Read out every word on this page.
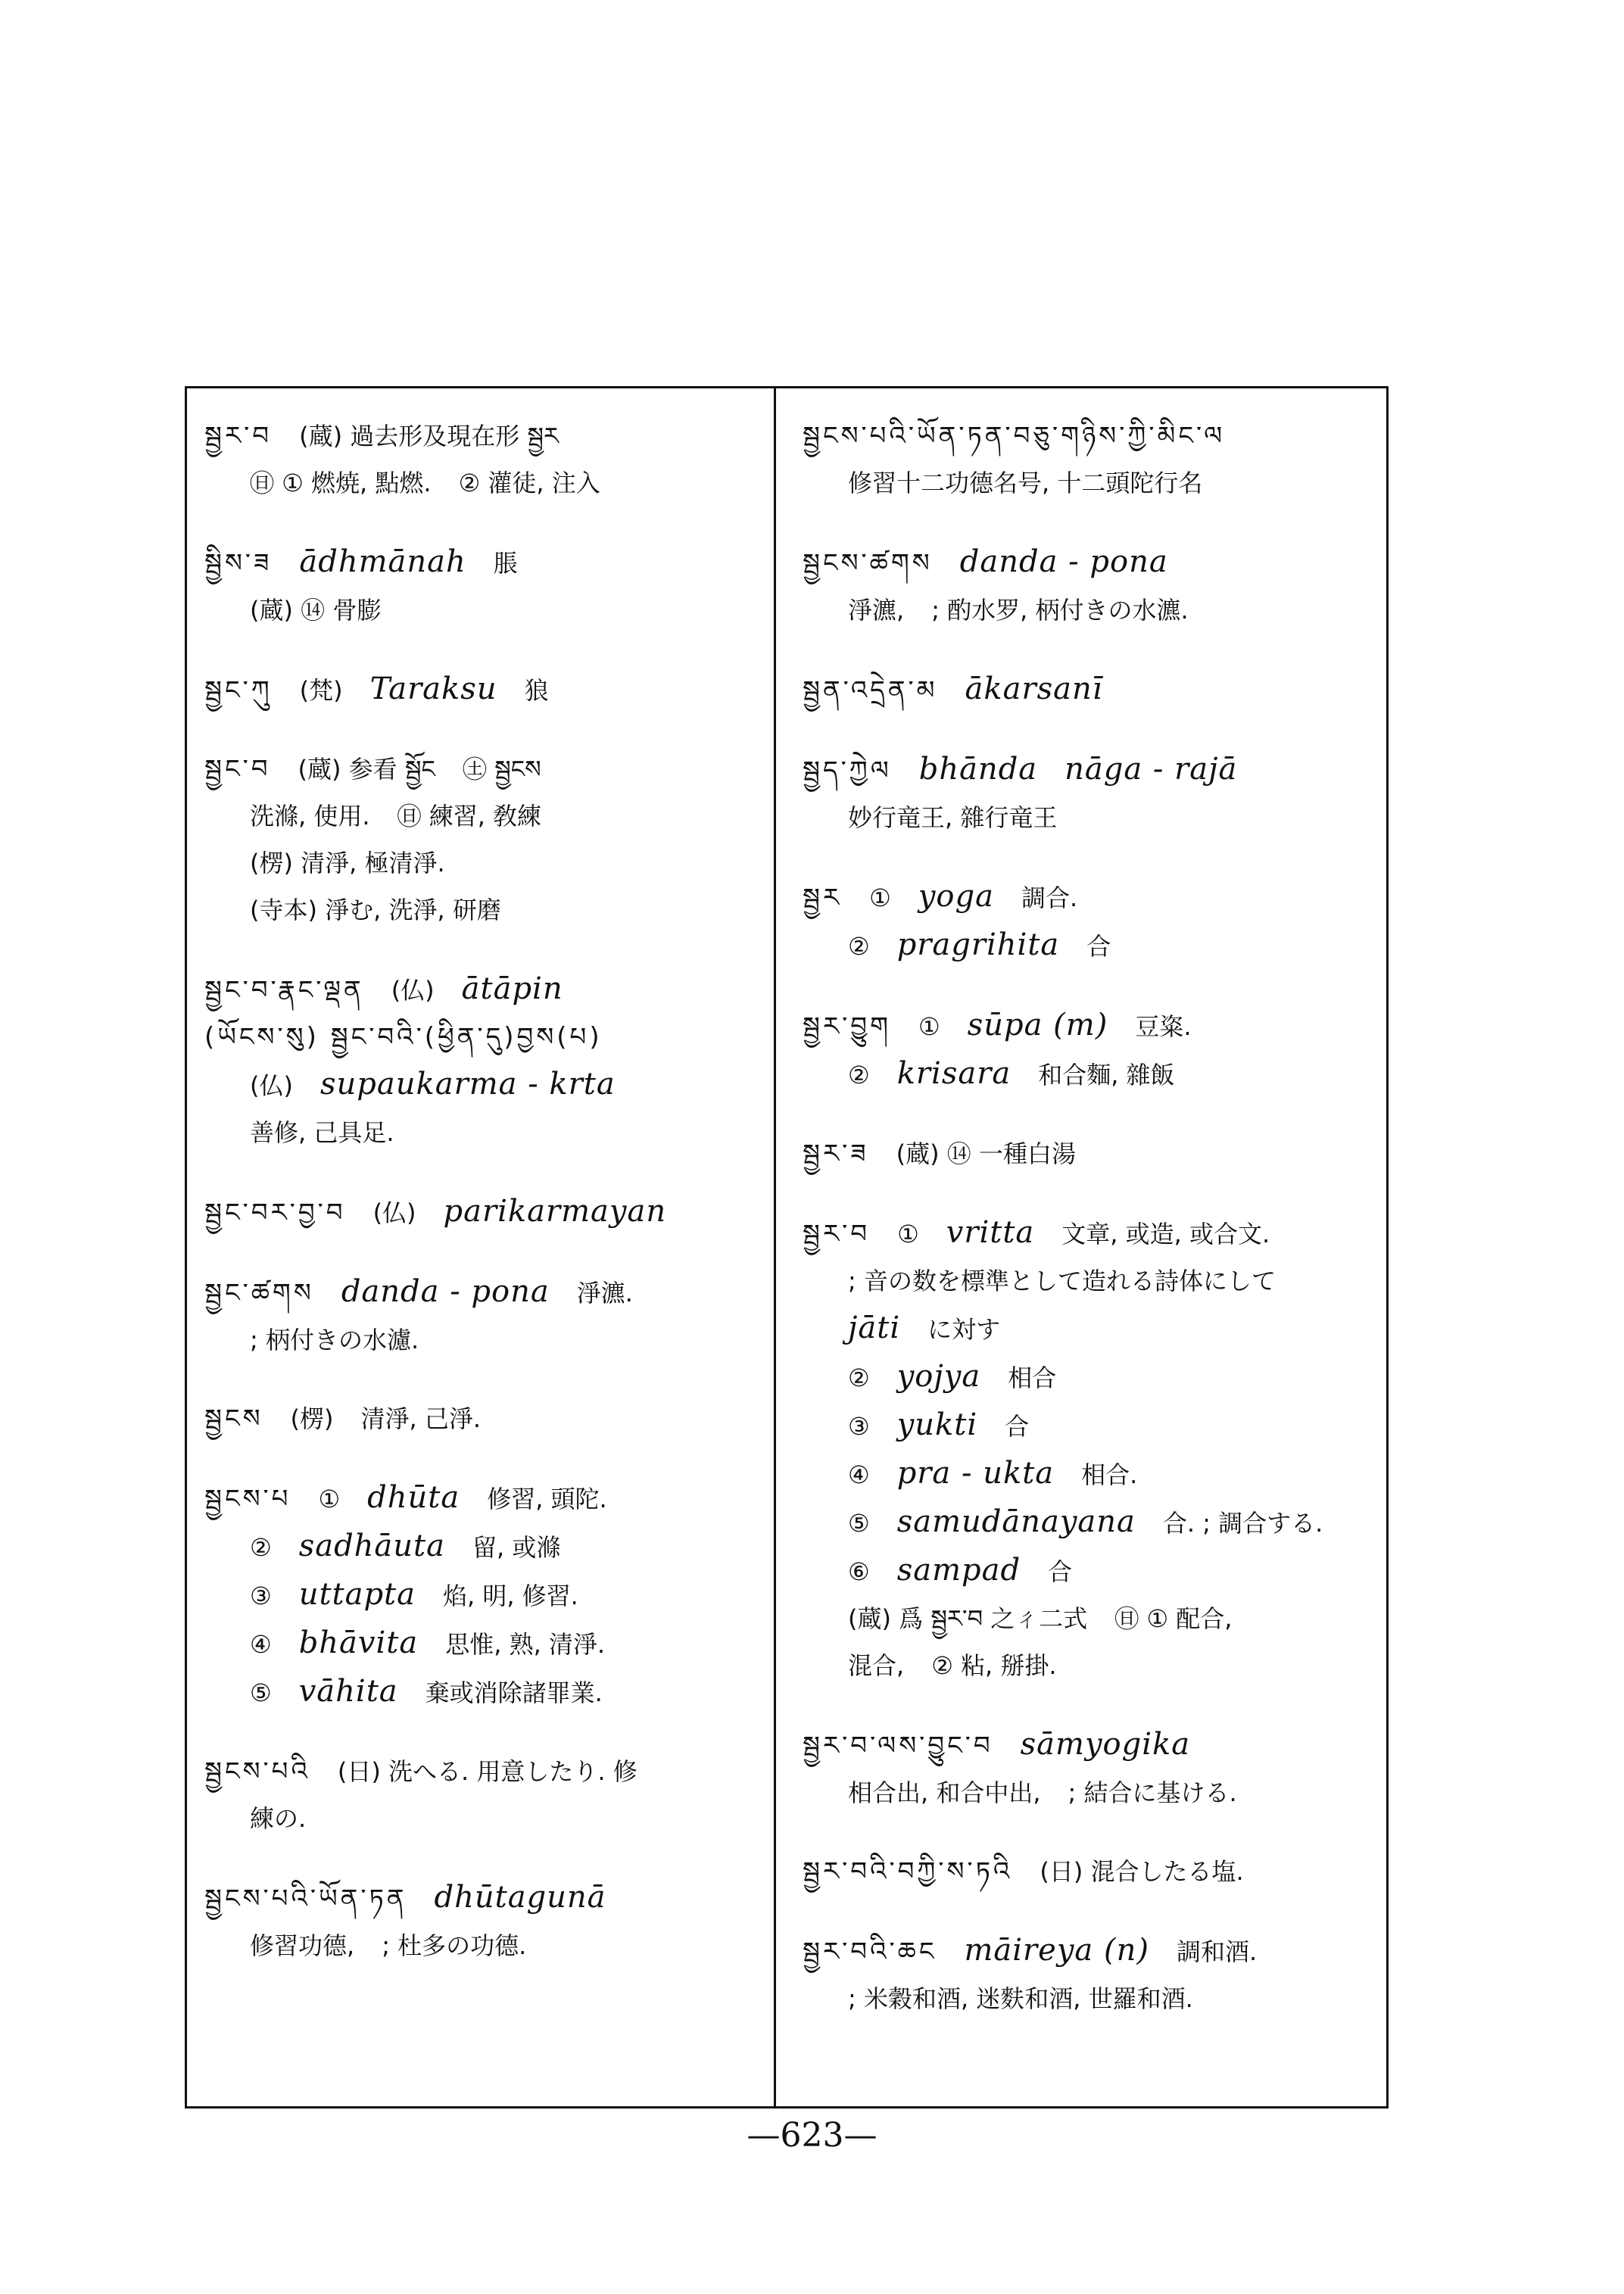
སྦྱར་བ (蔵) 過去形及現在形 སྦྱར
㊐ ① 燃焼, 點燃. ② 灌徒, 注入
སྦྱིས་ཟ ādhmānah 脹
(蔵) ⑭ 骨膨
སྦྱང་ཀུ (梵) Taraksu 狼
སྦྱང་བ (蔵) 参看 སྦྱོང ㊏ སྦྱངས
洗滌, 使用. ㊐ 練習, 敎練
(楞) 清淨, 極清淨.
(寺本) 淨む, 洗淨, 研磨
སྦྱང་བ་རྣང་ལྡན (仏) ātāpin
(ཡོངས་སུ) སྦྱང་བའི་(ཕྱིན་དུ)བྱས(པ)
(仏) supaukarma - krta
善修, 己具足.
སྦྱང་བར་བྱ་བ (仏) parikarmayan
སྦྱང་ཚགས danda - pona 淨瀌.
; 柄付きの水濾.
སྦྱངས (楞) 清淨, 己淨.
སྦྱངས་པ ① dhūta 修習, 頭陀.
② sadhāuta 留, 或滌
③ uttapta 焰, 明, 修習.
④ bhāvita 思惟, 熟, 清淨.
⑤ vāhita 棄或消除諸罪業.
སྦྱངས་པའི (日) 洗へる. 用意したり. 修
練の.
སྦྱངས་པའི་ཡོན་ཏན dhūtagunā
修習功德, ; 杜多の功德.
སྦྱངས་པའི་ཡོན་ཏན་བཅུ་གཉིས་ཀྱི་མིང་ལ
修習十二功德名号, 十二頭陀行名
སྦྱངས་ཚགས danda - pona
淨瀌, ; 酌水罗, 柄付きの水瀌.
སྦྱན་འདྲེན་མ ākarsanī
སྦྱད་ཀྱེལ bhānda nāga - rajā
妙行竜王, 雜行竜王
སྦྱར ① yoga 調合.
② pragrihita 合
སྦྱར་བྱུག ① sūpa (m) 豆粢.
② krisara 和合麵, 雜飯
སྦྱར་ཟ (蔵) ⑭ 一種白湯
སྦྱར་བ ① vritta 文章, 或造, 或合文.
; 音の数を標準として造れる詩体にして
jāti に対す
② yojya 相合
③ yukti 合
④ pra - ukta 相合.
⑤ samudānayana 合. ; 調合する.
⑥ sampad 合
(蔵) 爲 སྦྱར་བ 之ㄔ二式 ㊐ ① 配合,
混合, ② 粘, 掰掛.
སྦྱར་བ་ལས་བྱུང་བ sāmyogika
相合出, 和合中出, ; 結合に基ける.
སྦྱར་བའི་བཀྱི་ས་ཏའི (日) 混合したる塩.
སྦྱར་བའི་ཆང māireya (n) 調和酒.
; 米穀和酒, 迷麩和酒, 世羅和酒.
—623—
